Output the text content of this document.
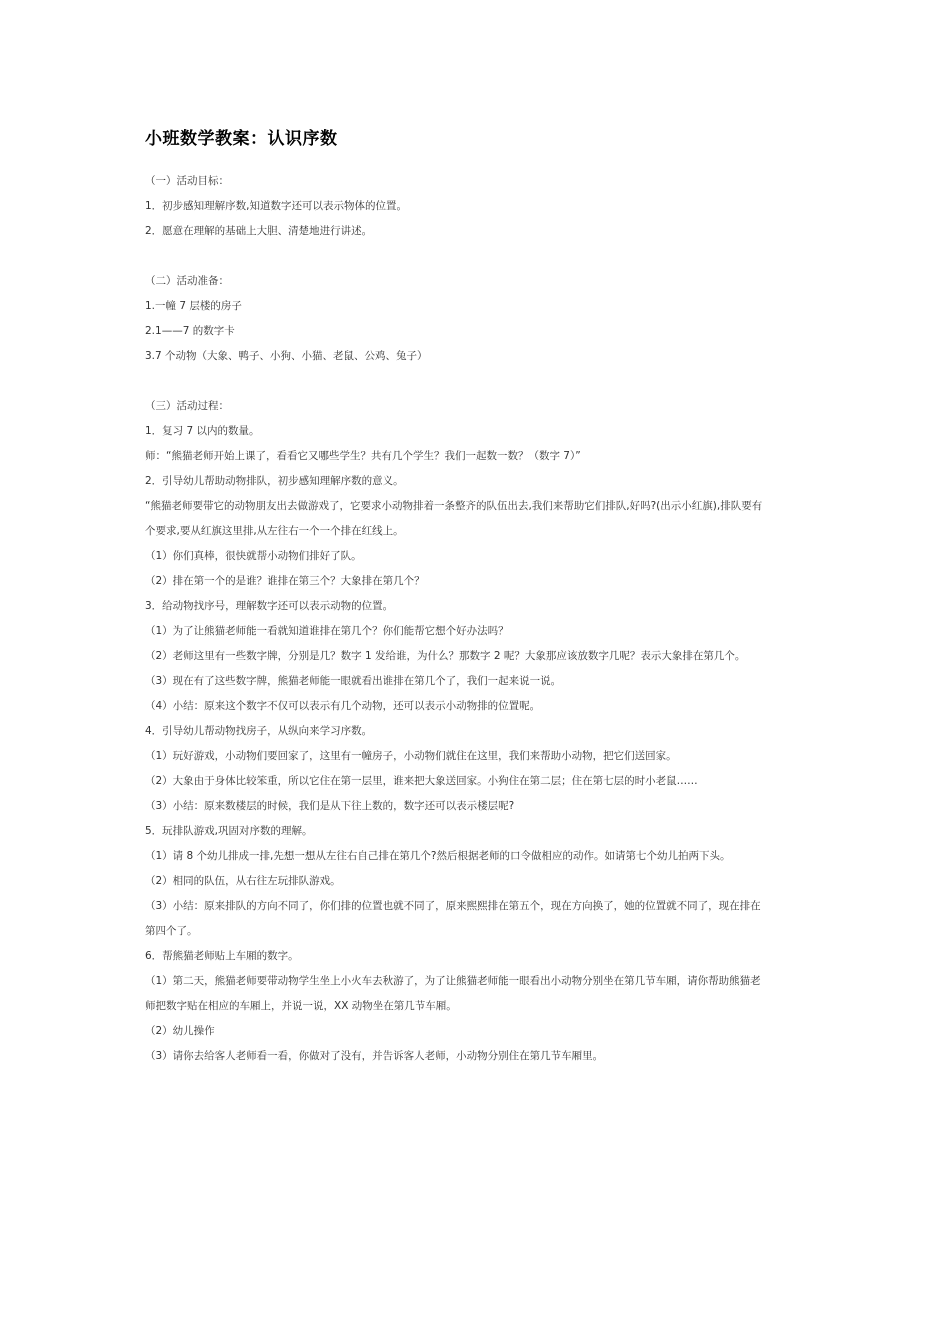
小班数学教案：认识序数
（一）活动目标：
1．初步感知理解序数,知道数字还可以表示物体的位置。
2．愿意在理解的基础上大胆、清楚地进行讲述。
（二）活动准备：
1.一幢 7 层楼的房子
2.1——7 的数字卡
3.7 个动物（大象、鸭子、小狗、小猫、老鼠、公鸡、兔子）
（三）活动过程：
1．复习 7 以内的数量。
师：“熊猫老师开始上课了，看看它又哪些学生？共有几个学生？我们一起数一数？（数字 7）”
2．引导幼儿帮助动物排队，初步感知理解序数的意义。
“熊猫老师要带它的动物朋友出去做游戏了，它要求小动物排着一条整齐的队伍出去,我们来帮助它们排队,好吗?(出示小红旗),排队要有
个要求,要从红旗这里排,从左往右一个一个排在红线上。
（1）你们真棒，很快就帮小动物们排好了队。
（2）排在第一个的是谁？谁排在第三个？大象排在第几个？
3．给动物找序号，理解数字还可以表示动物的位置。
（1）为了让熊猫老师能一看就知道谁排在第几个？你们能帮它想个好办法吗？
（2）老师这里有一些数字牌，分别是几？数字 1 发给谁，为什么？那数字 2 呢？大象那应该放数字几呢？表示大象排在第几个。
（3）现在有了这些数字牌，熊猫老师能一眼就看出谁排在第几个了，我们一起来说一说。
（4）小结：原来这个数字不仅可以表示有几个动物，还可以表示小动物排的位置呢。
4．引导幼儿帮动物找房子，从纵向来学习序数。
（1）玩好游戏，小动物们要回家了，这里有一幢房子，小动物们就住在这里，我们来帮助小动物，把它们送回家。
（2）大象由于身体比较笨重，所以它住在第一层里，谁来把大象送回家。小狗住在第二层；住在第七层的时小老鼠……
（3）小结：原来数楼层的时候，我们是从下往上数的，数字还可以表示楼层呢?
5．玩排队游戏,巩固对序数的理解。
（1）请 8 个幼儿排成一排,先想一想从左往右自己排在第几个?然后根据老师的口令做相应的动作。如请第七个幼儿拍两下头。
（2）相同的队伍，从右往左玩排队游戏。
（3）小结：原来排队的方向不同了，你们排的位置也就不同了，原来熙熙排在第五个，现在方向换了，她的位置就不同了，现在排在
第四个了。
6．帮熊猫老师贴上车厢的数字。
（1）第二天，熊猫老师要带动物学生坐上小火车去秋游了，为了让熊猫老师能一眼看出小动物分别坐在第几节车厢，请你帮助熊猫老
师把数字贴在相应的车厢上，并说一说，XX 动物坐在第几节车厢。
（2）幼儿操作
（3）请你去给客人老师看一看，你做对了没有，并告诉客人老师，小动物分别住在第几节车厢里。
